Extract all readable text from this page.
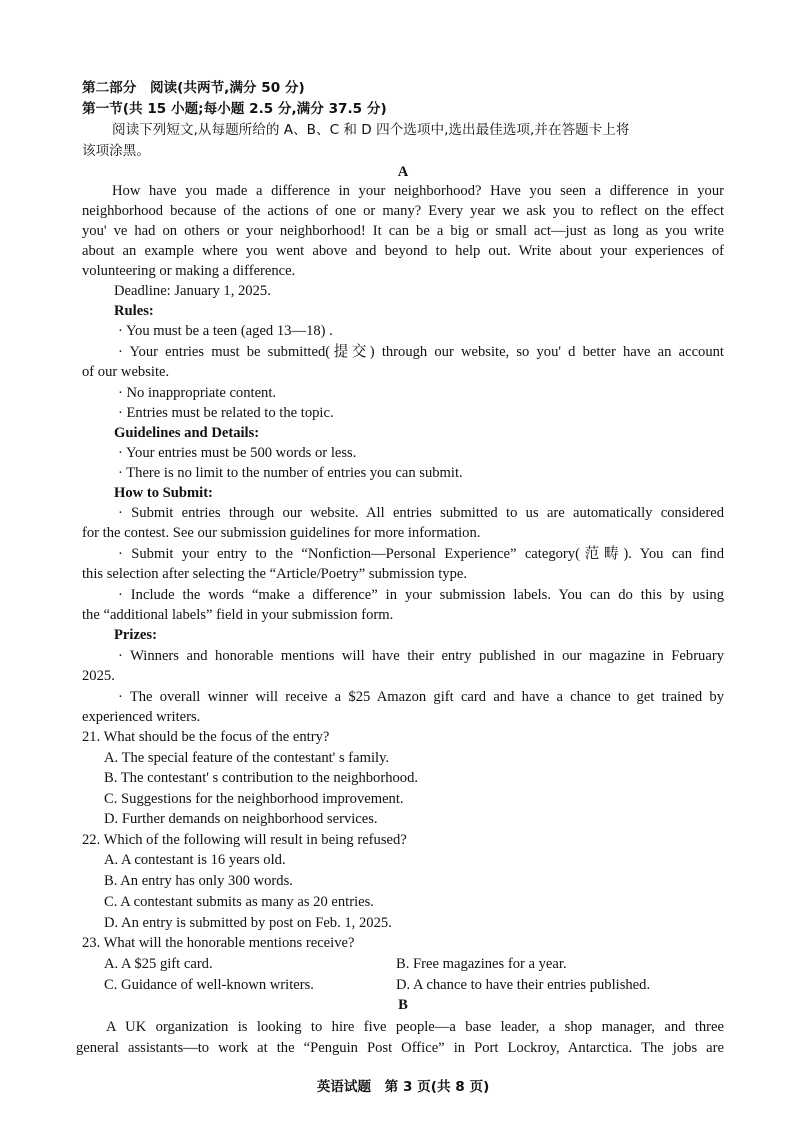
第二部分　阅读(共两节,满分 50 分)
第一节(共 15 小题;每小题 2.5 分,满分 37.5 分)
阅读下列短文,从每题所给的 A、B、C 和 D 四个选项中,选出最佳选项,并在答题卡上将
该项涂黑。
A
How have you made a difference in your neighborhood? Have you seen a difference in your
neighborhood because of the actions of one or many? Every year we ask you to reflect on the effect
you' ve had on others or your neighborhood! It can be a big or small act—just as long as you write
about an example where you went above and beyond to help out. Write about your experiences of
volunteering or making a difference.
Deadline: January 1, 2025.
Rules:
· You must be a teen (aged 13—18) .
· Your entries must be submitted(提交) through our website, so you' d better have an account
of our website.
· No inappropriate content.
· Entries must be related to the topic.
Guidelines and Details:
· Your entries must be 500 words or less.
· There is no limit to the number of entries you can submit.
How to Submit:
· Submit entries through our website. All entries submitted to us are automatically considered
for the contest. See our submission guidelines for more information.
· Submit your entry to the “Nonfiction—Personal Experience” category(范畴). You can find
this selection after selecting the “Article/Poetry” submission type.
· Include the words “make a difference” in your submission labels. You can do this by using
the “additional labels” field in your submission form.
Prizes:
· Winners and honorable mentions will have their entry published in our magazine in February
2025.
· The overall winner will receive a $25 Amazon gift card and have a chance to get trained by
experienced writers.
21. What should be the focus of the entry?
A. The special feature of the contestant' s family.
B. The contestant' s contribution to the neighborhood.
C. Suggestions for the neighborhood improvement.
D. Further demands on neighborhood services.
22. Which of the following will result in being refused?
A. A contestant is 16 years old.
B. An entry has only 300 words.
C. A contestant submits as many as 20 entries.
D. An entry is submitted by post on Feb. 1, 2025.
23. What will the honorable mentions receive?
A. A $25 gift card.	B. Free magazines for a year.
C. Guidance of well-known writers.	D. A chance to have their entries published.
B
A UK organization is looking to hire five people—a base leader, a shop manager, and three
general assistants—to work at the “Penguin Post Office” in Port Lockroy, Antarctica. The jobs are
英语试题　第 3 页(共 8 页)
